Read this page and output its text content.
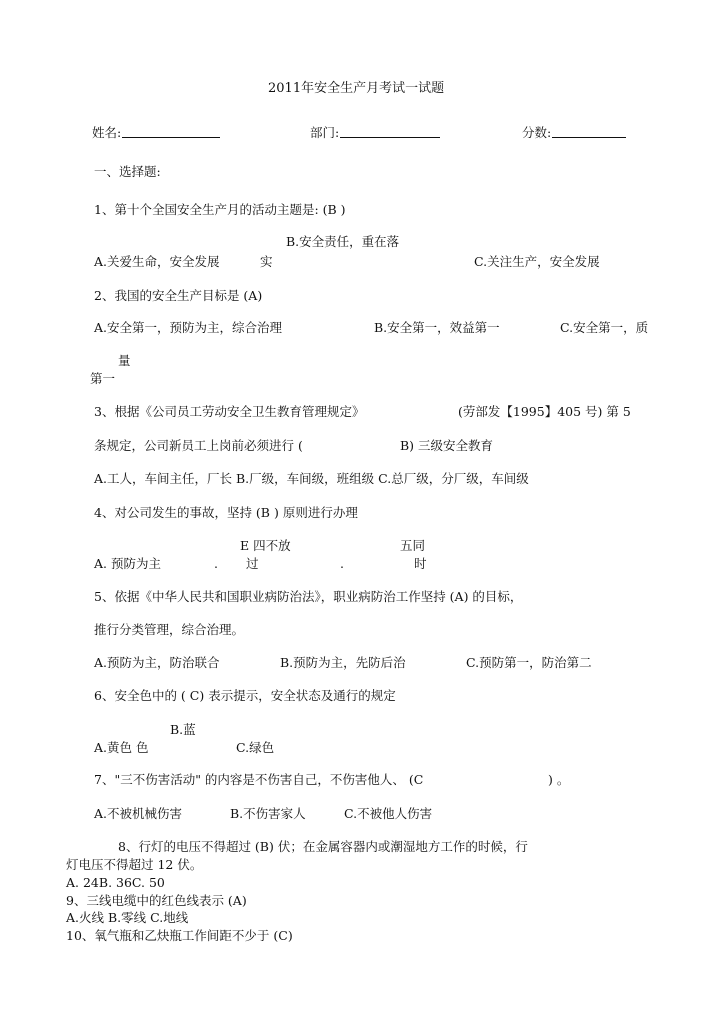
2011年安全生产月考试一试题
姓名:	部门:	分数:
一、选择题:
1、第十个全国安全生产月的活动主题是: (B )
B.安全责任，重在落
A.关爱生命，安全发展	实	C.关注生产，安全发展
2、我国的安全生产目标是 (A)
A.安全第一，预防为主，综合治理	B.安全第一，效益第一	C.安全第一，质
量
第一
3、根据《公司员工劳动安全卫生教育管理规定》	(劳部发【1995】405 号) 第 5
条规定，公司新员工上岗前必须进行 (	B) 三级安全教育
A.工人，车间主任，厂长 B.厂级，车间级，班组级 C.总厂级，分厂级，车间级
4、对公司发生的事故，坚持 (B ) 原则进行办理
E 四不放	五同
A. 预防为主	. 过	.	时
5、依据《中华人民共和国职业病防治法》，职业病防治工作坚持 (A) 的目标，
推行分类管理，综合治理。
A.预防为主，防治联合	B.预防为主，先防后治	C.预防第一，防治第二
6、安全色中的 ( C) 表示提示，安全状态及通行的规定
B.蓝
A.黄色 色	C.绿色
7、"三不伤害活动" 的内容是不伤害自己，不伤害他人、 (C	) 。
A.不被机械伤害	B.不伤害家人	C.不被他人伤害
8、行灯的电压不得超过 (B) 伏；在金属容器内或潮湿地方工作的时候，行
灯电压不得超过 12 伏。
A. 24B. 36C. 50
9、三线电缆中的红色线表示 (A)
A.火线 B.零线 C.地线
10、氧气瓶和乙炔瓶工作间距不少于 (C)
